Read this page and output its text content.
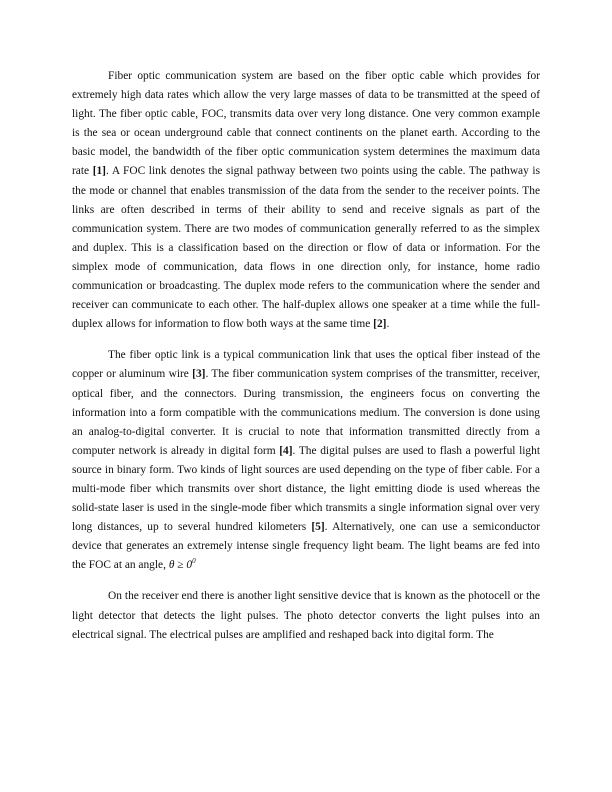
Fiber optic communication system are based on the fiber optic cable which provides for extremely high data rates which allow the very large masses of data to be transmitted at the speed of light. The fiber optic cable, FOC, transmits data over very long distance. One very common example is the sea or ocean underground cable that connect continents on the planet earth. According to the basic model, the bandwidth of the fiber optic communication system determines the maximum data rate [1]. A FOC link denotes the signal pathway between two points using the cable. The pathway is the mode or channel that enables transmission of the data from the sender to the receiver points. The links are often described in terms of their ability to send and receive signals as part of the communication system. There are two modes of communication generally referred to as the simplex and duplex. This is a classification based on the direction or flow of data or information. For the simplex mode of communication, data flows in one direction only, for instance, home radio communication or broadcasting. The duplex mode refers to the communication where the sender and receiver can communicate to each other. The half-duplex allows one speaker at a time while the full-duplex allows for information to flow both ways at the same time [2].

The fiber optic link is a typical communication link that uses the optical fiber instead of the copper or aluminum wire [3]. The fiber communication system comprises of the transmitter, receiver, optical fiber, and the connectors. During transmission, the engineers focus on converting the information into a form compatible with the communications medium. The conversion is done using an analog-to-digital converter. It is crucial to note that information transmitted directly from a computer network is already in digital form [4]. The digital pulses are used to flash a powerful light source in binary form. Two kinds of light sources are used depending on the type of fiber cable. For a multi-mode fiber which transmits over short distance, the light emitting diode is used whereas the solid-state laser is used in the single-mode fiber which transmits a single information signal over very long distances, up to several hundred kilometers [5]. Alternatively, one can use a semiconductor device that generates an extremely intense single frequency light beam. The light beams are fed into the FOC at an angle, $\theta \ge 0^0$

On the receiver end there is another light sensitive device that is known as the photocell or the light detector that detects the light pulses. The photo detector converts the light pulses into an electrical signal. The electrical pulses are amplified and reshaped back into digital form. The
